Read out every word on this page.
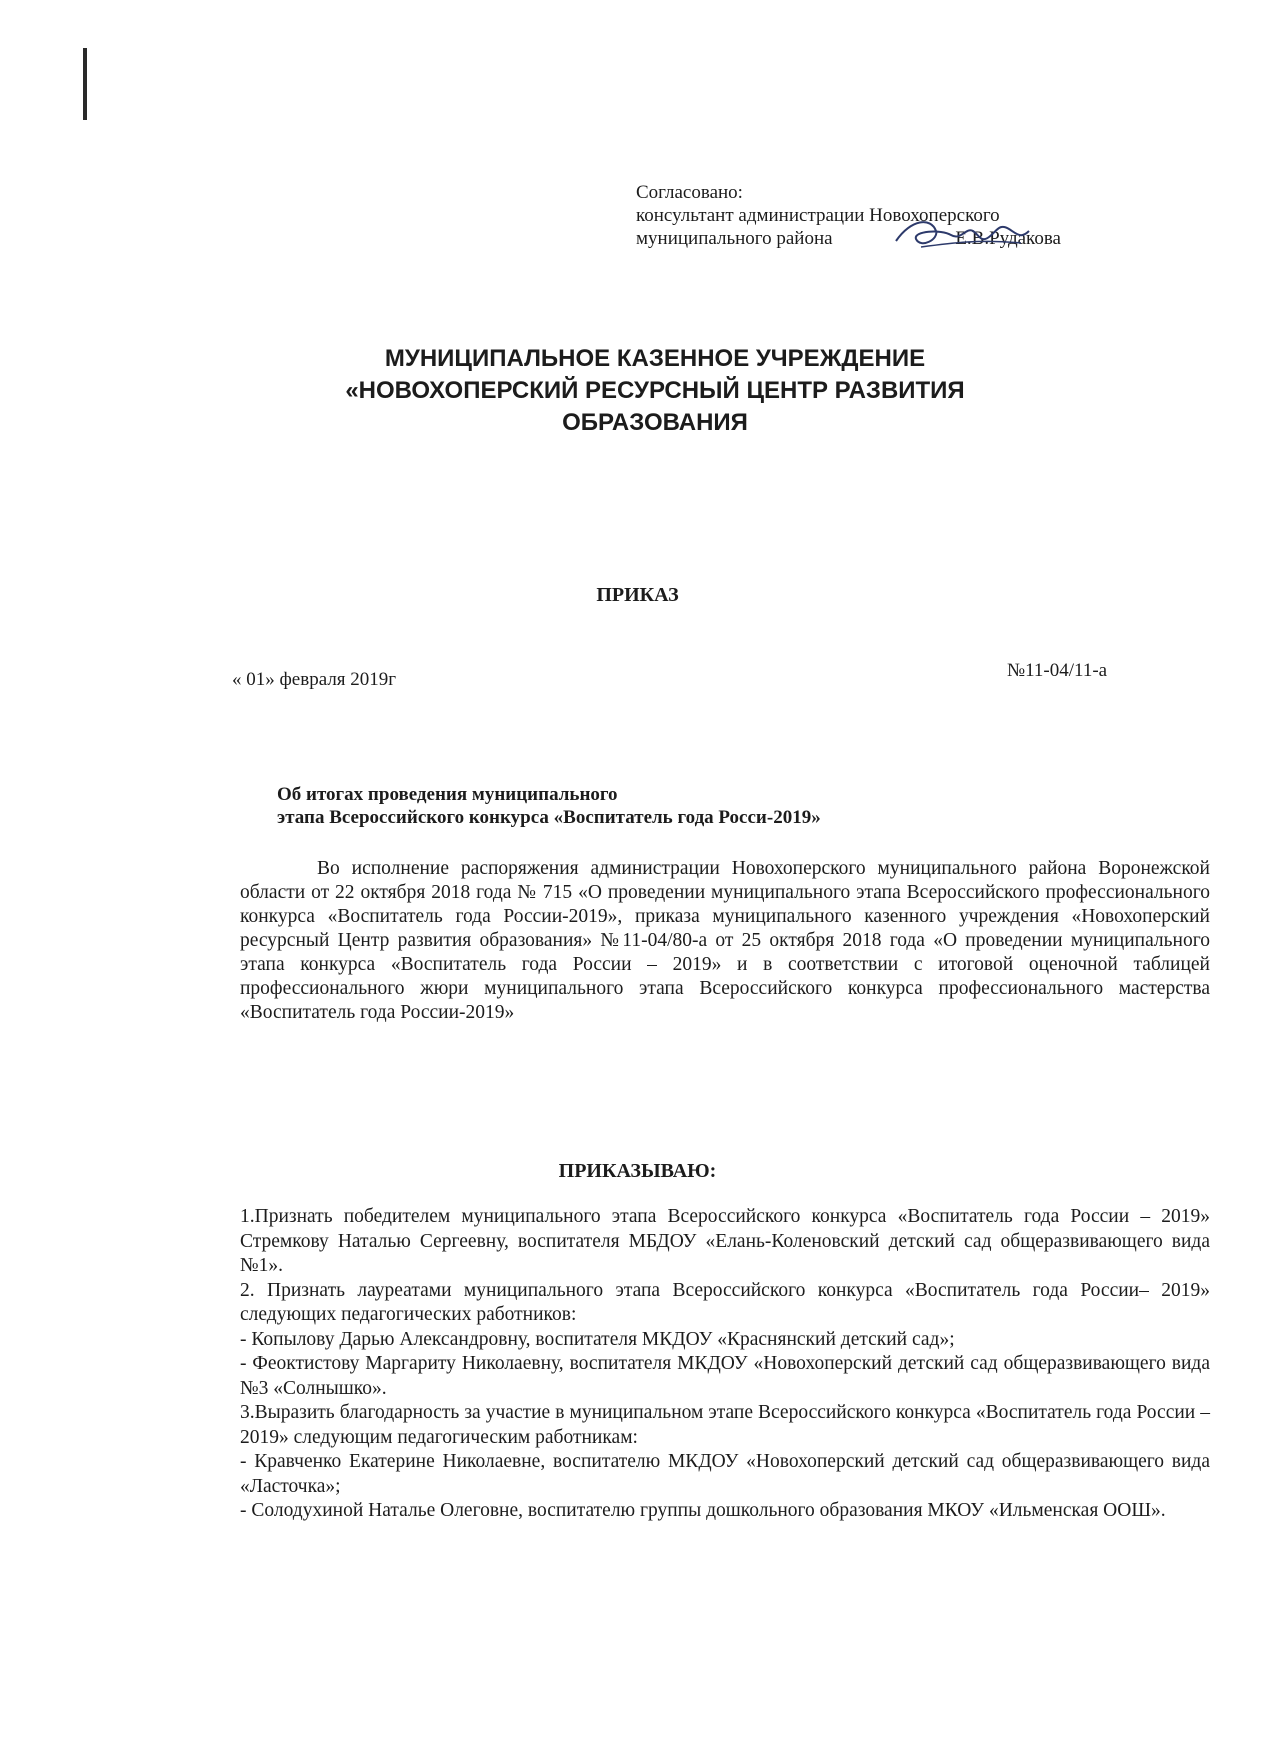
Согласовано:
консультант администрации Новохоперского
муниципального района	Е.В.Рудакова
МУНИЦИПАЛЬНОЕ КАЗЕННОЕ УЧРЕЖДЕНИЕ
«НОВОХОПЕРСКИЙ РЕСУРСНЫЙ ЦЕНТР РАЗВИТИЯ
ОБРАЗОВАНИЯ
ПРИКАЗ
« 01» февраля 2019г	№11-04/11-а
Об итогах проведения муниципального
этапа Всероссийского конкурса «Воспитатель года Росси-2019»
Во исполнение распоряжения администрации Новохоперского муниципального района Воронежской области от 22 октября 2018 года № 715 «О проведении муниципального этапа Всероссийского профессионального конкурса «Воспитатель года России-2019», приказа муниципального казенного учреждения «Новохоперский ресурсный Центр развития образования» №11-04/80-а от 25 октября 2018 года «О проведении муниципального этапа конкурса «Воспитатель года России – 2019» и в соответствии с итоговой оценочной таблицей профессионального жюри муниципального этапа Всероссийского конкурса профессионального мастерства «Воспитатель года России-2019»
ПРИКАЗЫВАЮ:

1.Признать победителем муниципального этапа Всероссийского конкурса «Воспитатель года России – 2019» Стремкову Наталью Сергеевну, воспитателя МБДОУ «Елань-Коленовский детский сад общеразвивающего вида №1».

2. Признать лауреатами муниципального этапа Всероссийского конкурса «Воспитатель года России– 2019» следующих педагогических работников:

- Копылову Дарью Александровну, воспитателя МКДОУ «Краснянский детский сад»;

- Феоктистову Маргариту Николаевну, воспитателя МКДОУ «Новохоперский детский сад общеразвивающего вида №3 «Солнышко».

3.Выразить благодарность за участие в муниципальном этапе Всероссийского конкурса «Воспитатель года России – 2019» следующим педагогическим работникам:

- Кравченко Екатерине Николаевне, воспитателю МКДОУ «Новохоперский детский сад общеразвивающего вида «Ласточка»;

- Солодухиной Наталье Олеговне, воспитателю группы дошкольного образования МКОУ «Ильменская ООШ».
